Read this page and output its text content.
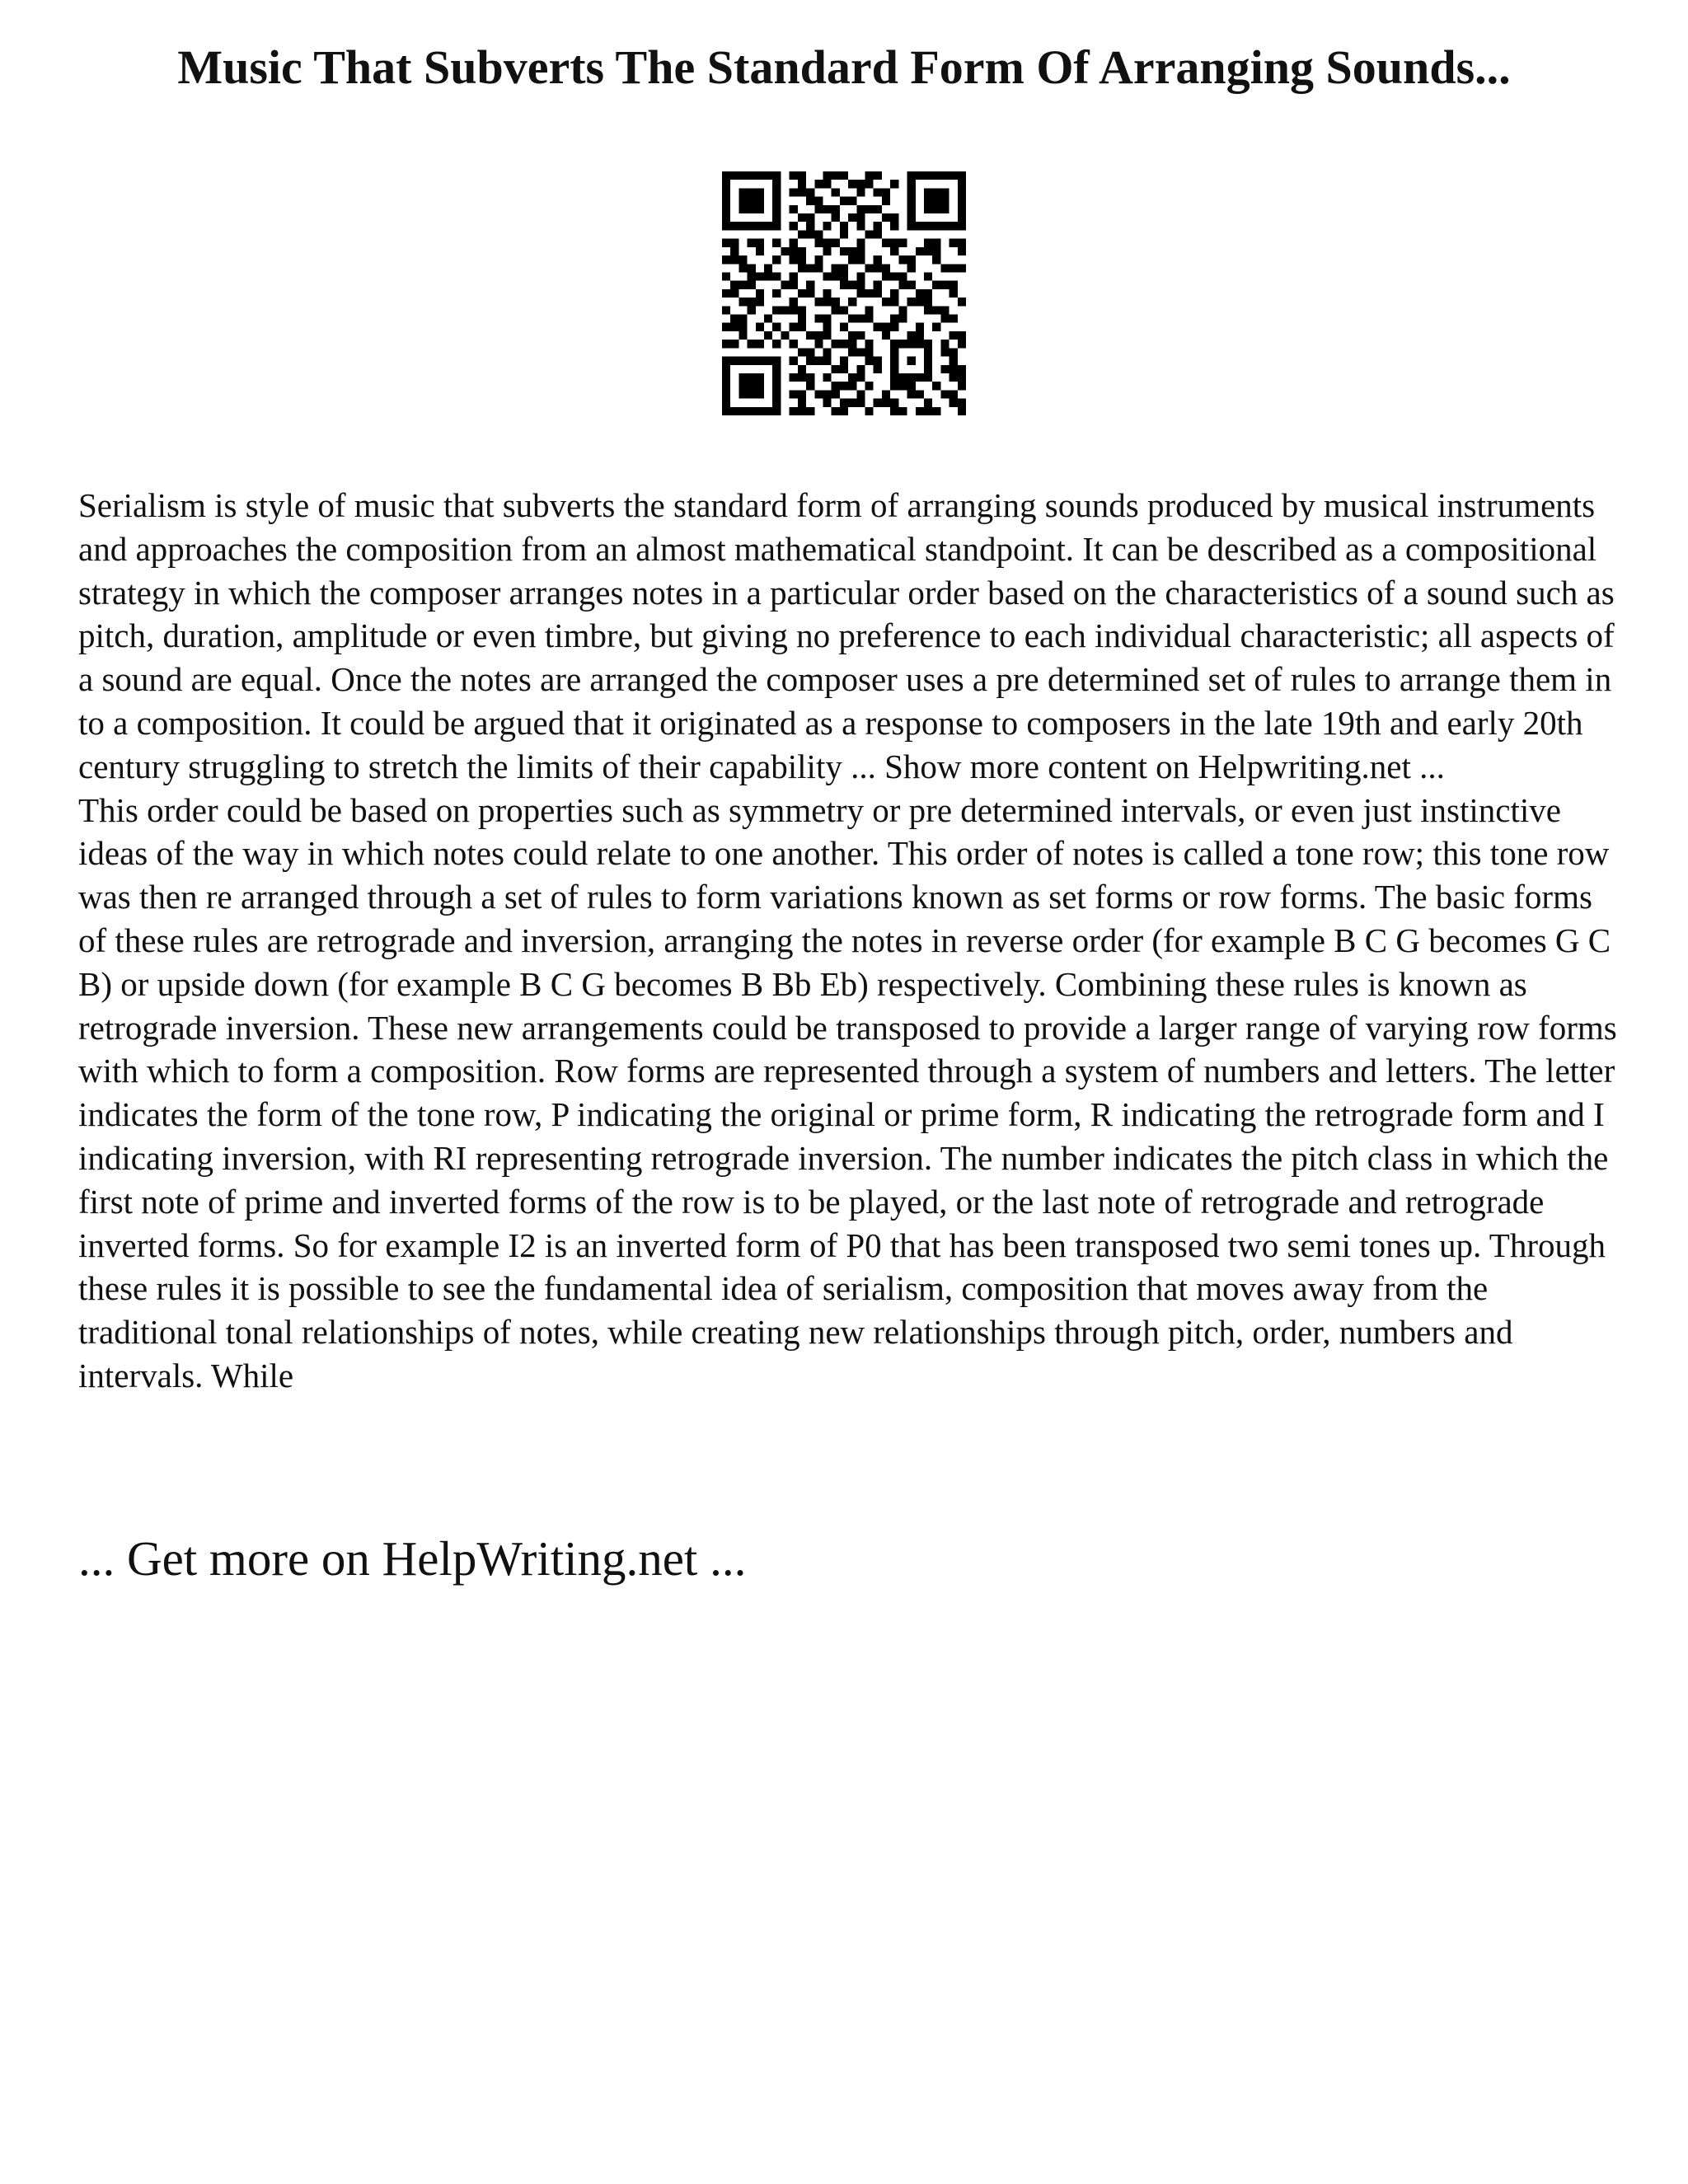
Music That Subverts The Standard Form Of Arranging Sounds...

Serialism is style of music that subverts the standard form of arranging sounds produced by musical instruments and approaches the composition from an almost mathematical standpoint. It can be described as a compositional strategy in which the composer arranges notes in a particular order based on the characteristics of a sound such as pitch, duration, amplitude or even timbre, but giving no preference to each individual characteristic; all aspects of a sound are equal. Once the notes are arranged the composer uses a pre determined set of rules to arrange them in to a composition. It could be argued that it originated as a response to composers in the late 19th and early 20th century struggling to stretch the limits of their capability ... Show more content on Helpwriting.net ...

This order could be based on properties such as symmetry or pre determined intervals, or even just instinctive ideas of the way in which notes could relate to one another. This order of notes is called a tone row; this tone row was then re arranged through a set of rules to form variations known as set forms or row forms. The basic forms of these rules are retrograde and inversion, arranging the notes in reverse order (for example B C G becomes G C B) or upside down (for example B C G becomes B Bb Eb) respectively. Combining these rules is known as retrograde inversion. These new arrangements could be transposed to provide a larger range of varying row forms with which to form a composition. Row forms are represented through a system of numbers and letters. The letter indicates the form of the tone row, P indicating the original or prime form, R indicating the retrograde form and I indicating inversion, with RI representing retrograde inversion. The number indicates the pitch class in which the first note of prime and inverted forms of the row is to be played, or the last note of retrograde and retrograde inverted forms. So for example I2 is an inverted form of P0 that has been transposed two semi tones up. Through these rules it is possible to see the fundamental idea of serialism, composition that moves away from the traditional tonal relationships of notes, while creating new relationships through pitch, order, numbers and intervals. While

... Get more on HelpWriting.net ...
